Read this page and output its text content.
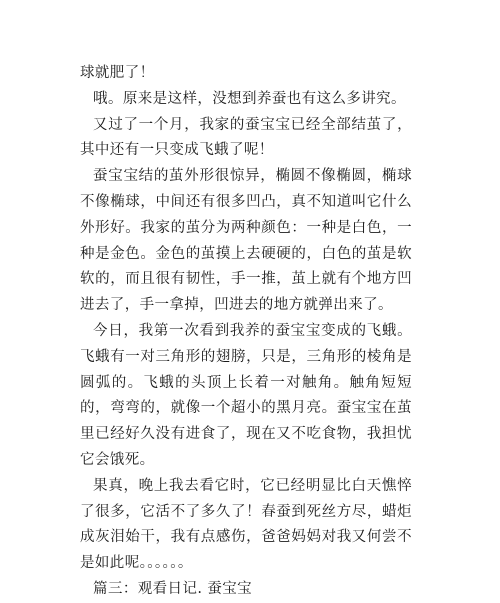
球就肥了！

哦。原来是这样，没想到养蚕也有这么多讲究。

又过了一个月，我家的蚕宝宝已经全部结茧了，其中还有一只变成飞蛾了呢！

蚕宝宝结的茧外形很惊异，椭圆不像椭圆，椭球不像椭球，中间还有很多凹凸，真不知道叫它什么外形好。我家的茧分为两种颜色：一种是白色，一种是金色。金色的茧摸上去硬硬的，白色的茧是软软的，而且很有韧性，手一推，茧上就有个地方凹进去了，手一拿掉，凹进去的地方就弹出来了。

今日，我第一次看到我养的蚕宝宝变成的飞蛾。飞蛾有一对三角形的翅膀，只是，三角形的棱角是圆弧的。飞蛾的头顶上长着一对触角。触角短短的，弯弯的，就像一个超小的黑月亮。蚕宝宝在茧里已经好久没有进食了，现在又不吃食物，我担忧它会饿死。

果真，晚上我去看它时，它已经明显比白天憔悴了很多，它活不了多久了！春蚕到死丝方尽，蜡炬成灰泪始干，我有点感伤，爸爸妈妈对我又何尝不是如此呢。。。。。。

篇三：观看日记. 蚕宝宝
